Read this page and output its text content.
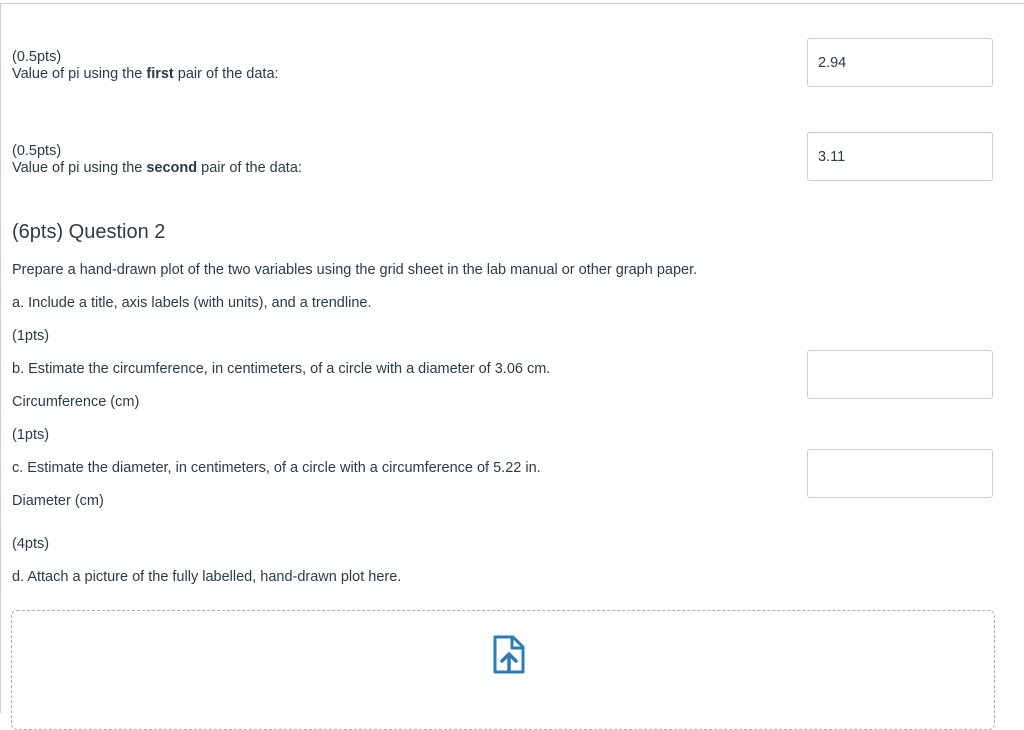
(0.5pts)
Value of pi using the first pair of the data:
2.94
(0.5pts)
Value of pi using the second pair of the data:
3.11
(6pts) Question 2
Prepare a hand-drawn plot of the two variables using the grid sheet in the lab manual or other graph paper.
a. Include a title, axis labels (with units), and a trendline.
(1pts)
b. Estimate the circumference, in centimeters, of a circle with a diameter of 3.06 cm.
Circumference (cm)
(1pts)
c. Estimate the diameter, in centimeters, of a circle with a circumference of 5.22 in.
Diameter (cm)
(4pts)
d. Attach a picture of the fully labelled, hand-drawn plot here.
